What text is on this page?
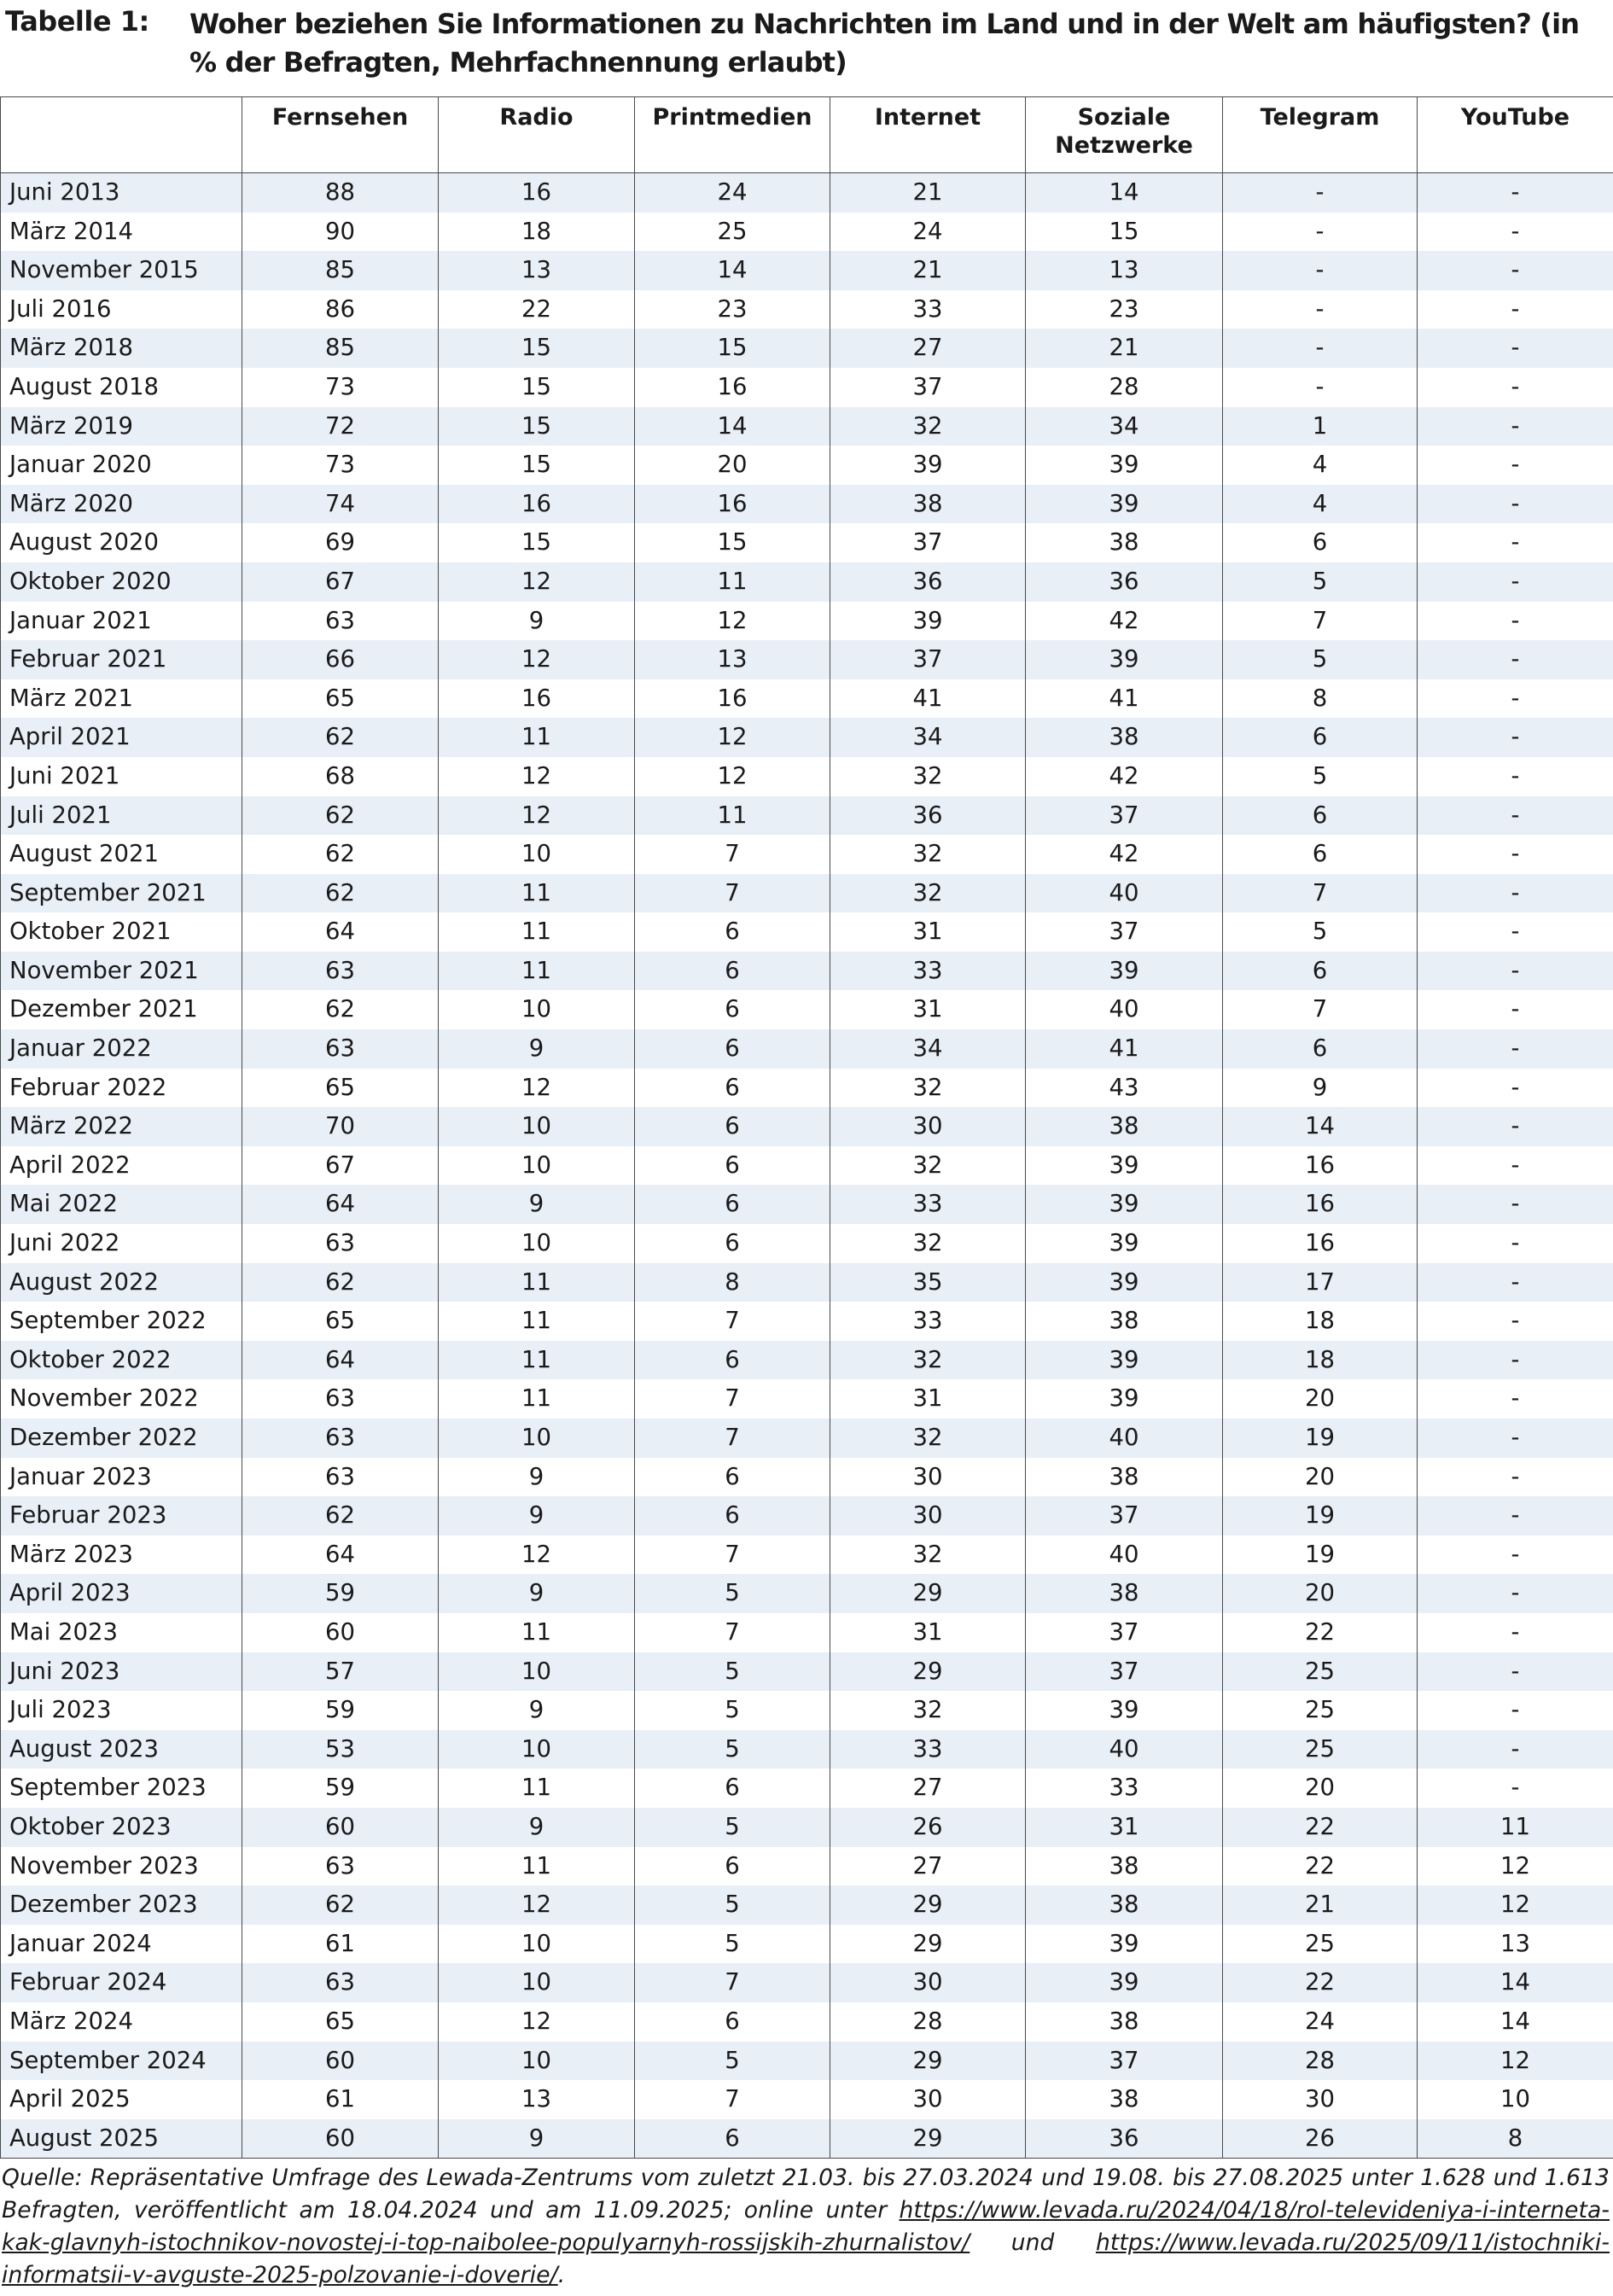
Tabelle 1: Woher beziehen Sie Informationen zu Nachrichten im Land und in der Welt am häufigsten? (in % der Befragten, Mehrfachnennung erlaubt)
	Fernsehen	Radio	Printmedien	Internet	Soziale Netzwerke	Telegram	YouTube
Juni 2013	88	16	24	21	14	-	-
März 2014	90	18	25	24	15	-	-
November 2015	85	13	14	21	13	-	-
Juli 2016	86	22	23	33	23	-	-
März 2018	85	15	15	27	21	-	-
August 2018	73	15	16	37	28	-	-
März 2019	72	15	14	32	34	1	-
Januar 2020	73	15	20	39	39	4	-
März 2020	74	16	16	38	39	4	-
August 2020	69	15	15	37	38	6	-
Oktober 2020	67	12	11	36	36	5	-
Januar 2021	63	9	12	39	42	7	-
Februar 2021	66	12	13	37	39	5	-
März 2021	65	16	16	41	41	8	-
April 2021	62	11	12	34	38	6	-
Juni 2021	68	12	12	32	42	5	-
Juli 2021	62	12	11	36	37	6	-
August 2021	62	10	7	32	42	6	-
September 2021	62	11	7	32	40	7	-
Oktober 2021	64	11	6	31	37	5	-
November 2021	63	11	6	33	39	6	-
Dezember 2021	62	10	6	31	40	7	-
Januar 2022	63	9	6	34	41	6	-
Februar 2022	65	12	6	32	43	9	-
März 2022	70	10	6	30	38	14	-
April 2022	67	10	6	32	39	16	-
Mai 2022	64	9	6	33	39	16	-
Juni 2022	63	10	6	32	39	16	-
August 2022	62	11	8	35	39	17	-
September 2022	65	11	7	33	38	18	-
Oktober 2022	64	11	6	32	39	18	-
November 2022	63	11	7	31	39	20	-
Dezember 2022	63	10	7	32	40	19	-
Januar 2023	63	9	6	30	38	20	-
Februar 2023	62	9	6	30	37	19	-
März 2023	64	12	7	32	40	19	-
April 2023	59	9	5	29	38	20	-
Mai 2023	60	11	7	31	37	22	-
Juni 2023	57	10	5	29	37	25	-
Juli 2023	59	9	5	32	39	25	-
August 2023	53	10	5	33	40	25	-
September 2023	59	11	6	27	33	20	-
Oktober 2023	60	9	5	26	31	22	11
November 2023	63	11	6	27	38	22	12
Dezember 2023	62	12	5	29	38	21	12
Januar 2024	61	10	5	29	39	25	13
Februar 2024	63	10	7	30	39	22	14
März 2024	65	12	6	28	38	24	14
September 2024	60	10	5	29	37	28	12
April 2025	61	13	7	30	38	30	10
August 2025	60	9	6	29	36	26	8
Quelle: Repräsentative Umfrage des Lewada-Zentrums vom zuletzt 21.03. bis 27.03.2024 und 19.08. bis 27.08.2025 unter 1.628 und 1.613 Befragten, veröffentlicht am 18.04.2024 und am 11.09.2025; online unter https://www.levada.ru/2024/04/18/rol-televideniya-i-interneta-kak-glavnyh-istochnikov-novostej-i-top-naibolee-populyarnyh-rossijskih-zhurnalistov/ und https://www.levada.ru/2025/09/11/istochniki-informatsii-v-avguste-2025-polzovanie-i-doverie/.
